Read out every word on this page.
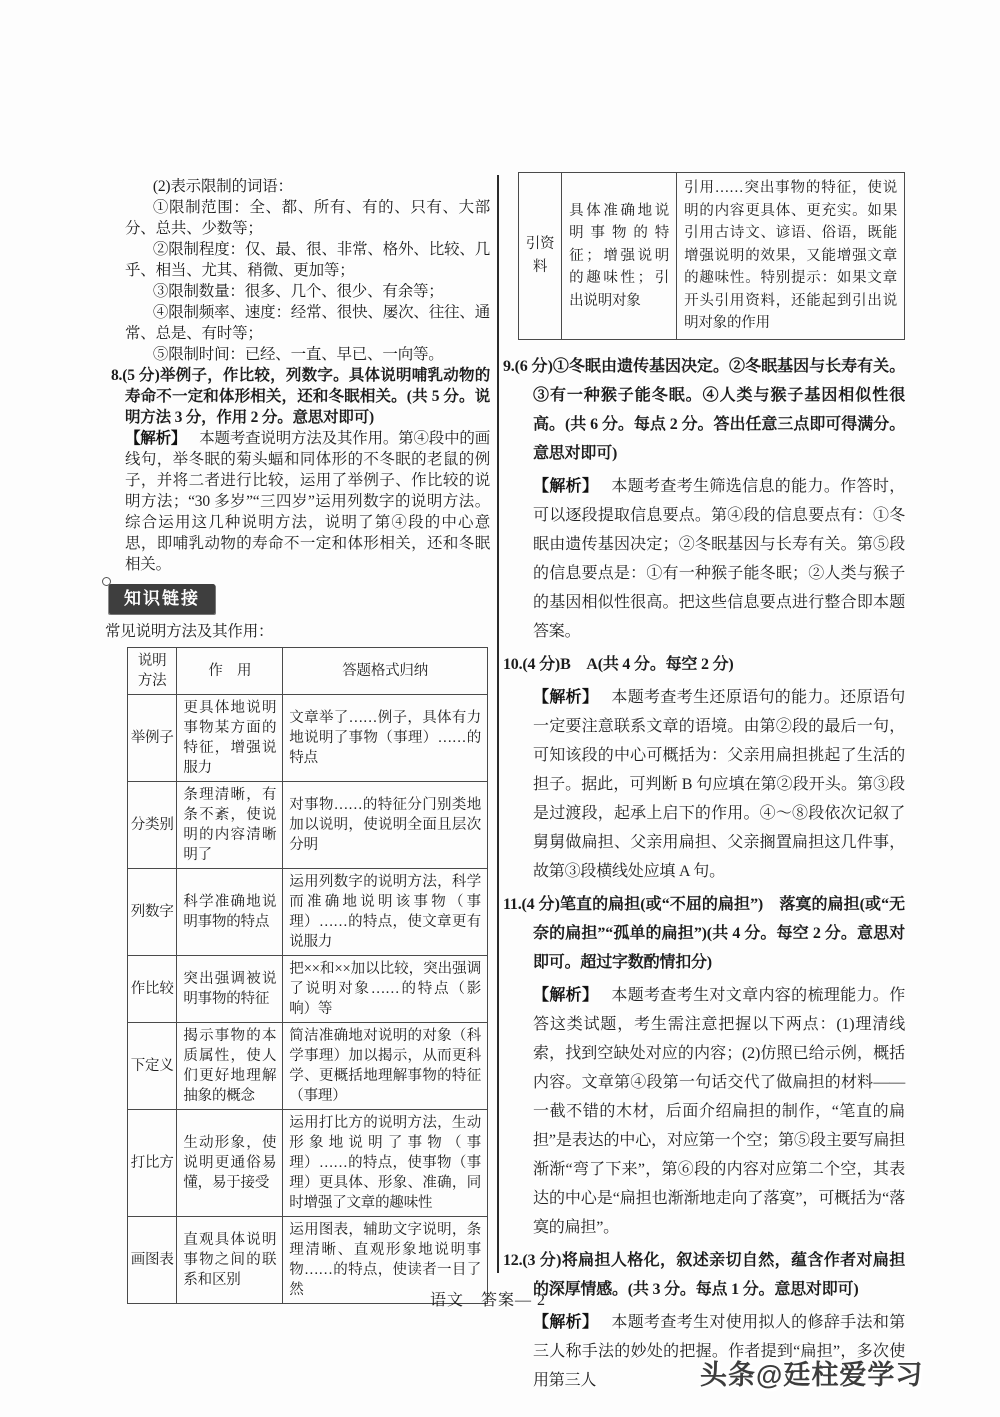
(2)表示限制的词语：

①限制范围：全、都、所有、有的、只有、大部分、总共、少数等；

②限制程度：仅、最、很、非常、格外、比较、几乎、相当、尤其、稍微、更加等；

③限制数量：很多、几个、很少、有余等；

④限制频率、速度：经常、很快、屡次、往往、通常、总是、有时等；

⑤限制时间：已经、一直、早已、一向等。

8.(5 分)举例子，作比较，列数字。具体说明哺乳动物的寿命不一定和体形相关，还和冬眠相关。(共 5 分。说明方法 3 分，作用 2 分。意思对即可)

【解析】 本题考查说明方法及其作用。第④段中的画线句，举冬眠的菊头蝠和同体形的不冬眠的老鼠的例子，并将二者进行比较，运用了举例子、作比较的说明方法；“30 多岁”“三四岁”运用列数字的说明方法。综合运用这几种说明方法，说明了第④段的中心意思，即哺乳动物的寿命不一定和体形相关，还和冬眠相关。

知识链接

常见说明方法及其作用：

说明方法	作　用	答题格式归纳
举例子	更具体地说明事物某方面的特征，增强说服力	文章举了……例子，具体有力地说明了事物（事理）……的特点
分类别	条理清晰，有条不紊，使说明的内容清晰明了	对事物……的特征分门别类地加以说明，使说明全面且层次分明
列数字	科学准确地说明事物的特点	运用列数字的说明方法，科学而准确地说明该事物（事理）……的特点，使文章更有说服力
作比较	突出强调被说明事物的特征	把××和××加以比较，突出强调了说明对象……的特点（影响）等
下定义	揭示事物的本质属性，使人们更好地理解抽象的概念	简洁准确地对说明的对象（科学事理）加以揭示，从而更科学、更概括地理解事物的特征（事理）
打比方	生动形象，使说明更通俗易懂，易于接受	运用打比方的说明方法，生动形象地说明了事物（事理）……的特点，使事物（事理）更具体、形象、准确，同时增强了文章的趣味性
画图表	直观具体说明事物之间的联系和区别	运用图表，辅助文字说明，条理清晰、直观形象地说明事物……的特点，使读者一目了然
引资料	具体准确地说明事物的特征；增强说明的趣味性；引出说明对象	引用……突出事物的特征，使说明的内容更具体、更充实。如果引用古诗文、谚语、俗语，既能增强说明的效果，又能增强文章的趣味性。特别提示：如果文章开头引用资料，还能起到引出说明对象的作用

9.(6 分)①冬眠由遗传基因决定。②冬眠基因与长寿有关。③有一种猴子能冬眠。④人类与猴子基因相似性很高。(共 6 分。每点 2 分。答出任意三点即可得满分。意思对即可)

【解析】 本题考查考生筛选信息的能力。作答时，可以逐段提取信息要点。第④段的信息要点有：①冬眠由遗传基因决定；②冬眠基因与长寿有关。第⑤段的信息要点是：①有一种猴子能冬眠；②人类与猴子的基因相似性很高。把这些信息要点进行整合即本题答案。

10.(4 分)B　A(共 4 分。每空 2 分)

【解析】 本题考查考生还原语句的能力。还原语句一定要注意联系文章的语境。由第②段的最后一句，可知该段的中心可概括为：父亲用扁担挑起了生活的担子。据此，可判断 B 句应填在第②段开头。第③段是过渡段，起承上启下的作用。④～⑧段依次记叙了舅舅做扁担、父亲用扁担、父亲搁置扁担这几件事，故第③段横线处应填 A 句。

11.(4 分)笔直的扁担(或“不屈的扁担”)　落寞的扁担(或“无奈的扁担”“孤单的扁担”)(共 4 分。每空 2 分。意思对即可。超过字数酌情扣分)

【解析】 本题考查考生对文章内容的梳理能力。作答这类试题，考生需注意把握以下两点：(1)理清线索，找到空缺处对应的内容；(2)仿照已给示例，概括内容。文章第④段第一句话交代了做扁担的材料——一截不错的木材，后面介绍扁担的制作，“笔直的扁担”是表达的中心，对应第一个空；第⑤段主要写扁担渐渐“弯了下来”，第⑥段的内容对应第二个空，其表达的中心是“扁担也渐渐地走向了落寞”，可概括为“落寞的扁担”。

12.(3 分)将扁担人格化，叙述亲切自然，蕴含作者对扁担的深厚情感。(共 3 分。每点 1 分。意思对即可)

【解析】 本题考查考生对使用拟人的修辞手法和第三人称手法的妙处的把握。作者提到“扁担”，多次使用第三人

语文　答案— 2
头条@廷柱爱学习
